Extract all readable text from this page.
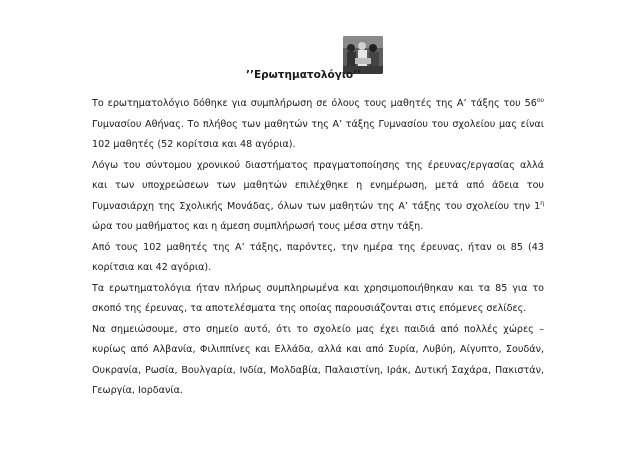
’’Ερωτηματολόγιο’’

Το ερωτηματολόγιο δόθηκε για συμπλήρωση σε όλους τους μαθητές της Α’ τάξης του $56^{o\upsilon}$ Γυμνασίου Αθήνας. Το πλήθος των μαθητών της Α’ τάξης Γυμνασίου του σχολείου μας είναι 102 μαθητές (52 κορίτσια και 48 αγόρια).

Λόγω του σύντομου χρονικού διαστήματος πραγματοποίησης της έρευνας/εργασίας αλλά και των υποχρεώσεων των μαθητών επιλέχθηκε η ενημέρωση, μετά από άδεια του Γυμνασιάρχη της Σχολικής Μονάδας, όλων των μαθητών της Α’ τάξης του σχολείου την $1^\eta$ ώρα του μαθήματος και η άμεση συμπλήρωσή τους μέσα στην τάξη.

Από τους 102 μαθητές της Α’ τάξης, παρόντες, την ημέρα της έρευνας, ήταν οι 85 (43 κορίτσια και 42 αγόρια).

Τα ερωτηματολόγια ήταν πλήρως συμπληρωμένα και χρησιμοποιήθηκαν και τα 85 για το σκοπό της έρευνας, τα αποτελέσματα της οποίας παρουσιάζονται στις επόμενες σελίδες.

Να σημειώσουμε, στο σημείο αυτό, ότι το σχολείο μας έχει παιδιά από πολλές χώρες –κυρίως από Αλβανία, Φιλιππίνες και Ελλάδα, αλλά και από Συρία, Λυβύη, Αίγυπτο, Σουδάν, Ουκρανία, Ρωσία, Βουλγαρία, Ινδία, Μολδαβία, Παλαιστίνη, Ιράκ, Δυτική Σαχάρα, Πακιστάν, Γεωργία, Ιορδανία.
